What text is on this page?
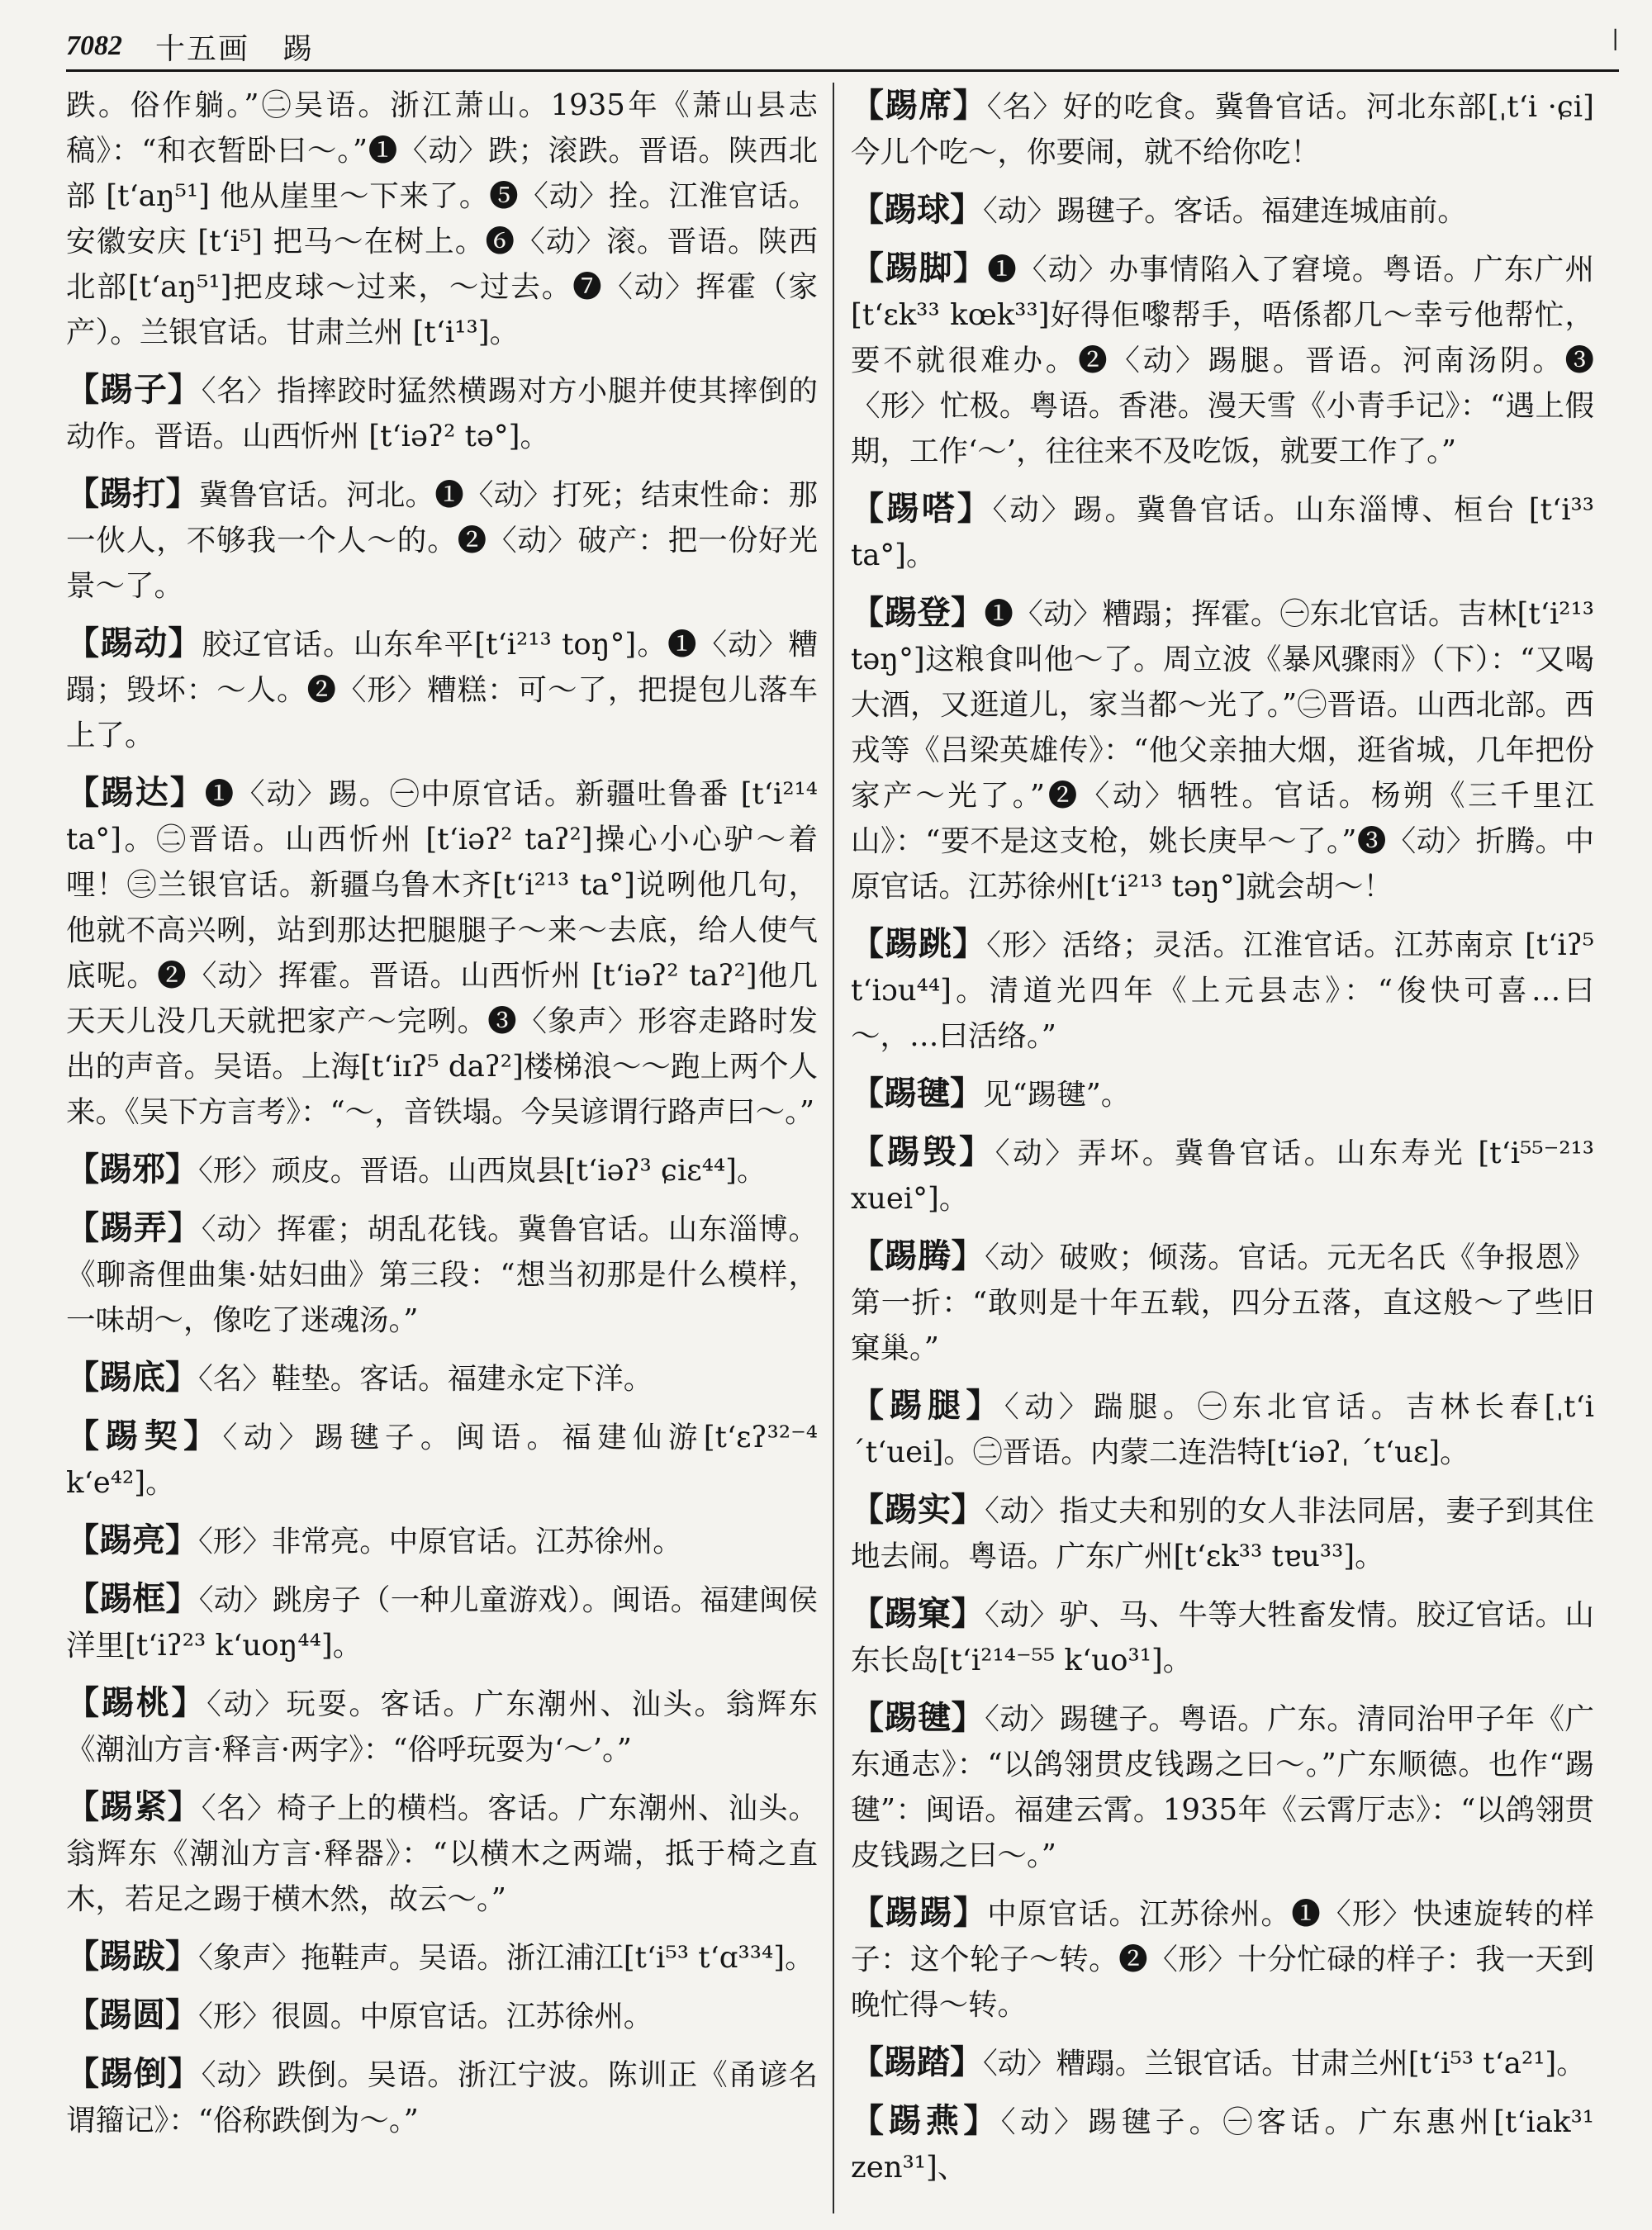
7082 十五画 踢	|
跌。俗作躺。”㊁吴语。浙江萧山。1935年《萧山县志稿》：“和衣暂卧曰～。”❶〈动〉跌；滚跌。晋语。陕西北部 [t‘aŋ⁵¹] 他从崖里～下来了。❺〈动〉拴。江淮官话。安徽安庆 [t‘i⁵] 把马～在树上。❻〈动〉滚。晋语。陕西北部[t‘aŋ⁵¹]把皮球～过来，～过去。❼〈动〉挥霍（家产）。兰银官话。甘肃兰州 [t‘i¹³]。
【 踢子 】 〈名〉指摔跤时猛然横踢对方小腿并使其摔倒的动作。晋语。山西忻州 [t‘iəʔ² tə°]。
【 踢打 】 冀鲁官话。河北。❶〈动〉打死；结束性命：那一伙人，不够我一个人～的。❷〈动〉破产：把一份好光景～了。
【 踢动 】 胶辽官话。山东牟平[t‘i²¹³ toŋ°]。❶〈动〉糟蹋；毁坏：～人。❷〈形〉糟糕：可～了，把提包儿落车上了。
【 踢达 】 ❶〈动〉踢。㊀中原官话。新疆吐鲁番 [t‘i²¹⁴ ta°]。㊁晋语。山西忻州 [t‘iəʔ² taʔ²]操心小心驴～着哩！㊂兰银官话。新疆乌鲁木齐[t‘i²¹³ ta°]说咧他几句，他就不高兴咧，站到那达把腿腿子～来～去底，给人使气底呢。❷〈动〉挥霍。晋语。山西忻州 [t‘iəʔ² taʔ²]他几天天儿没几天就把家产～完咧。❸〈象声〉形容走路时发出的声音。吴语。上海[t‘iɪʔ⁵ daʔ²]楼梯浪～～跑上两个人来。《吴下方言考》：“～，音铁塌。今吴谚谓行路声曰～。”
【 踢邪 】 〈形〉顽皮。晋语。山西岚县[t‘iəʔ³ ɕiɛ⁴⁴]。
【 踢弄 】 〈动〉挥霍；胡乱花钱。冀鲁官话。山东淄博。《聊斋俚曲集·姑妇曲》第三段：“想当初那是什么模样，一味胡～，像吃了迷魂汤。”
【 踢底 】 〈名〉鞋垫。客话。福建永定下洋。
【 踢契 】 〈动〉踢毽子。闽语。福建仙游[t‘ɛʔ³²⁻⁴ k‘e⁴²]。
【 踢亮 】 〈形〉非常亮。中原官话。江苏徐州。
【 踢框 】 〈动〉跳房子（一种儿童游戏）。闽语。福建闽侯洋里[t‘iʔ²³ k‘uoŋ⁴⁴]。
【 踢桃 】 〈动〉玩耍。客话。广东潮州、汕头。翁辉东《潮汕方言·释言·两字》：“俗呼玩耍为‘～’。”
【 踢紧 】 〈名〉椅子上的横档。客话。广东潮州、汕头。翁辉东《潮汕方言·释器》：“以横木之两端，抵于椅之直木，若足之踢于横木然，故云～。”
【 踢跋 】 〈象声〉拖鞋声。吴语。浙江浦江[t‘i⁵³ t‘ɑ³³⁴]。
【 踢圆 】 〈形〉很圆。中原官话。江苏徐州。
【 踢倒 】 〈动〉跌倒。吴语。浙江宁波。陈训正《甬谚名谓籀记》：“俗称跌倒为～。”
【 踢席 】 〈名〉好的吃食。冀鲁官话。河北东部[ˌt‘i ·ɕi]今儿个吃～，你要闹，就不给你吃！
【 踢球 】 〈动〉踢毽子。客话。福建连城庙前。
【 踢脚 】 ❶〈动〉办事情陷入了窘境。粤语。广东广州[t‘ɛk³³ kœk³³]好得佢嚟帮手，唔係都几～幸亏他帮忙，要不就很难办。❷〈动〉踢腿。晋语。河南汤阴。❸〈形〉忙极。粤语。香港。漫天雪《小青手记》：“遇上假期，工作‘～’，往往来不及吃饭，就要工作了。”
【 踢嗒 】 〈动〉踢。冀鲁官话。山东淄博、桓台 [t‘i³³ ta°]。
【 踢登 】 ❶〈动〉糟蹋；挥霍。㊀东北官话。吉林[t‘i²¹³ təŋ°]这粮食叫他～了。周立波《暴风骤雨》（下）：“又喝大酒，又逛道儿，家当都～光了。”㊁晋语。山西北部。西戎等《吕梁英雄传》：“他父亲抽大烟，逛省城，几年把份家产～光了。”❷〈动〉牺牲。官话。杨朔《三千里江山》：“要不是这支枪，姚长庚早～了。”❸〈动〉折腾。中原官话。江苏徐州[t‘i²¹³ təŋ°]就会胡～！
【 踢跳 】 〈形〉活络；灵活。江淮官话。江苏南京 [t‘iʔ⁵ t‘iɔu⁴⁴]。清道光四年《上元县志》：“俊快可喜…曰～，…曰活络。”
【 踢毽 】 见“踢毽”。
【 踢毁 】 〈动〉弄坏。冀鲁官话。山东寿光 [t‘i⁵⁵⁻²¹³ xuei°]。
【 踢腾 】 〈动〉破败；倾荡。官话。元无名氏《争报恩》第一折：“敢则是十年五载，四分五落，直这般～了些旧窠巢。”
【 踢腿 】 〈动〉踹腿。㊀东北官话。吉林长春[ˌt‘i ˊt‘uei]。㊁晋语。内蒙二连浩特[t‘iəʔˌ ˊt‘uɛ]。
【 踢实 】 〈动〉指丈夫和别的女人非法同居，妻子到其住地去闹。粤语。广东广州[t‘ɛk³³ tɐu³³]。
【 踢窠 】 〈动〉驴、马、牛等大牲畜发情。胶辽官话。山东长岛[t‘i²¹⁴⁻⁵⁵ k‘uo³¹]。
【 踢毽 】 〈动〉踢毽子。粤语。广东。清同治甲子年《广东通志》：“以鸽翎贯皮钱踢之曰～。”广东顺德。也作“踢毽”：闽语。福建云霄。1935年《云霄厅志》：“以鸽翎贯皮钱踢之曰～。”
【 踢踢 】 中原官话。江苏徐州。❶〈形〉快速旋转的样子：这个轮子～转。❷〈形〉十分忙碌的样子：我一天到晚忙得～转。
【 踢踏 】 〈动〉糟蹋。兰银官话。甘肃兰州[t‘i⁵³ t‘a²¹]。
【 踢燕 】 〈动〉踢毽子。㊀客话。广东惠州[t‘iak³¹ zen³¹]、
